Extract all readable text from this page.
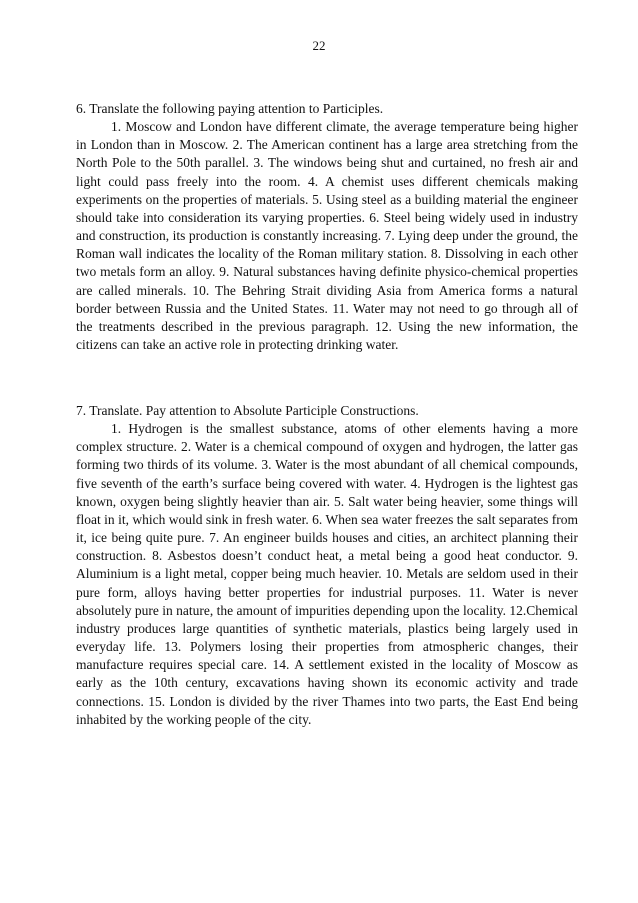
22

6. Translate the following paying attention to Participles.

1. Moscow and London have different climate, the average temperature being higher in London than in Moscow. 2. The American continent has a large area stretching from the North Pole to the 50th parallel. 3. The windows being shut and curtained, no fresh air and light could pass freely into the room. 4. A chemist uses different chemicals making experiments on the properties of materials. 5. Using steel as a building material the engineer should take into consideration its varying properties. 6. Steel being widely used in industry and construction, its production is constantly increasing. 7. Lying deep under the ground, the Roman wall indicates the locality of the Roman military station. 8. Dissolving in each other two metals form an alloy. 9. Natural substances having definite physico-chemical properties are called minerals. 10. The Behring Strait dividing Asia from America forms a natural border between Russia and the United States. 11. Water may not need to go through all of the treatments described in the previous paragraph. 12. Using the new information, the citizens can take an active role in protecting drinking water.

7. Translate. Pay attention to Absolute Participle Constructions.

1. Hydrogen is the smallest substance, atoms of other elements having a more complex structure. 2. Water is a chemical compound of oxygen and hydrogen, the latter gas forming two thirds of its volume. 3. Water is the most abundant of all chemical compounds, five seventh of the earth’s surface being covered with water. 4. Hydrogen is the lightest gas known, oxygen being slightly heavier than air. 5. Salt water being heavier, some things will float in it, which would sink in fresh water. 6. When sea water freezes the salt separates from it, ice being quite pure. 7. An engineer builds houses and cities, an architect planning their construction. 8. Asbestos doesn’t conduct heat, a metal being a good heat conductor. 9. Aluminium is a light metal, copper being much heavier. 10. Metals are seldom used in their pure form, alloys having better properties for industrial purposes. 11. Water is never absolutely pure in nature, the amount of impurities depending upon the locality. 12.Chemical industry produces large quantities of synthetic materials, plastics being largely used in everyday life. 13. Polymers losing their properties from atmospheric changes, their manufacture requires special care. 14. A settlement existed in the locality of Moscow as early as the 10th century, excavations having shown its economic activity and trade connections. 15. London is divided by the river Thames into two parts, the East End being inhabited by the working people of the city.
